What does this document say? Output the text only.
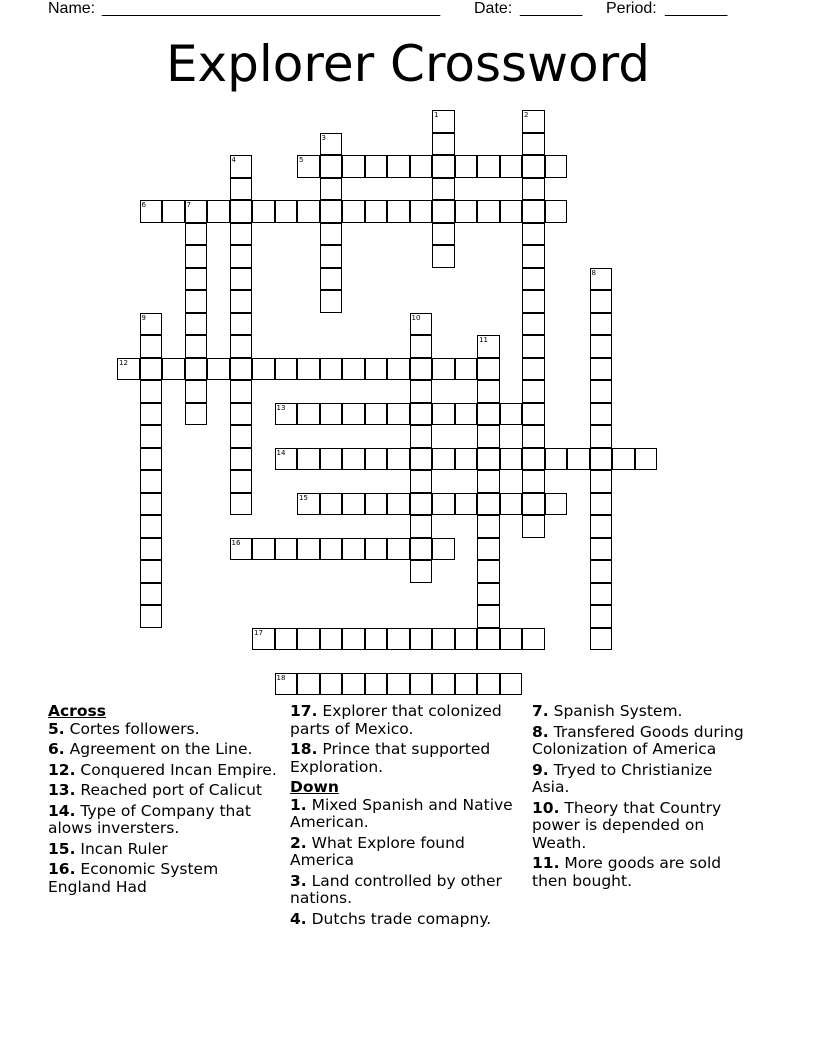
Name: ______________________________________ Date: _______ Period: _______
Explorer Crossword
1	2
3
4	5
6	7
8
9	10
11
12
13
14
15
16
17
18
Across
5. Cortes followers.
6. Agreement on the Line.
12. Conquered Incan Empire.
13. Reached port of Calicut
14. Type of Company that alows inversters.
15. Incan Ruler
16. Economic System England Had
17. Explorer that colonized parts of Mexico.
18. Prince that supported Exploration.
Down
1. Mixed Spanish and Native American.
2. What Explore found America
3. Land controlled by other nations.
4. Dutchs trade comapny.
7. Spanish System.
8. Transfered Goods during Colonization of America
9. Tryed to Christianize Asia.
10. Theory that Country power is depended on Weath.
11. More goods are sold then bought.
